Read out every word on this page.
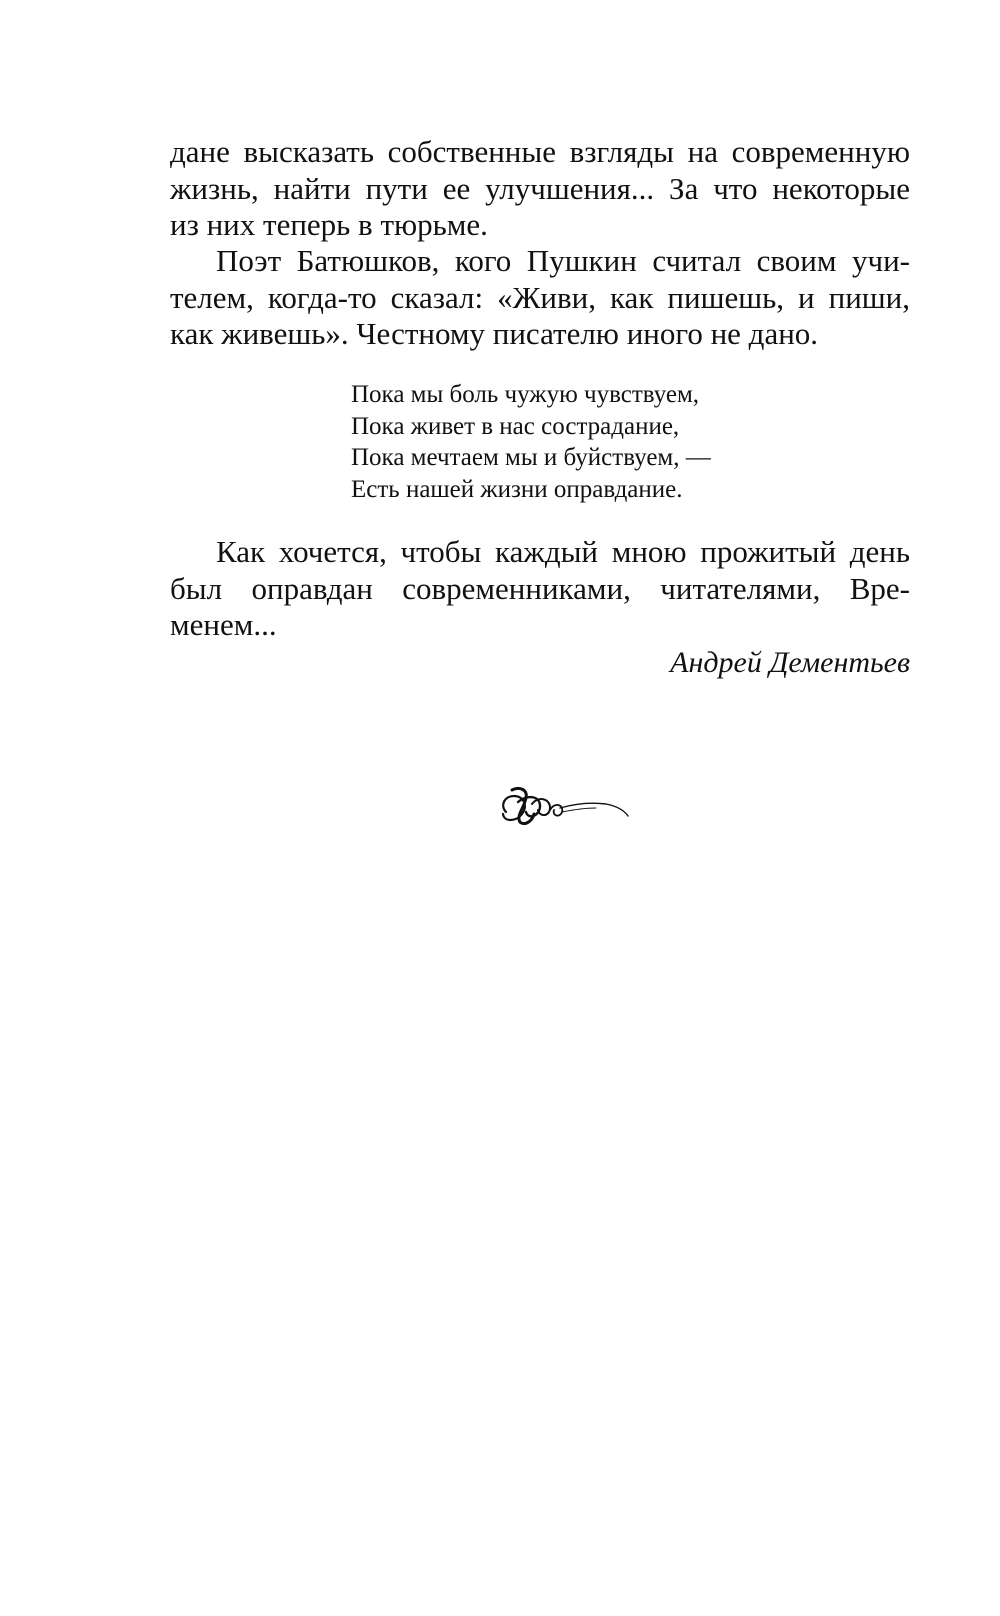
дане высказать собственные взгляды на современную
жизнь, найти пути ее улучшения... За что некоторые
из них теперь в тюрьме.
Поэт Батюшков, кого Пушкин считал своим учи-
телем, когда-то сказал: «Живи, как пишешь, и пиши,
как живешь». Честному писателю иного не дано.
Пока мы боль чужую чувствуем,
Пока живет в нас сострадание,
Пока мечтаем мы и буйствуем, —
Есть нашей жизни оправдание.
Как хочется, чтобы каждый мною прожитый день
был оправдан современниками, читателями, Вре-
менем...
Андрей Дементьев
